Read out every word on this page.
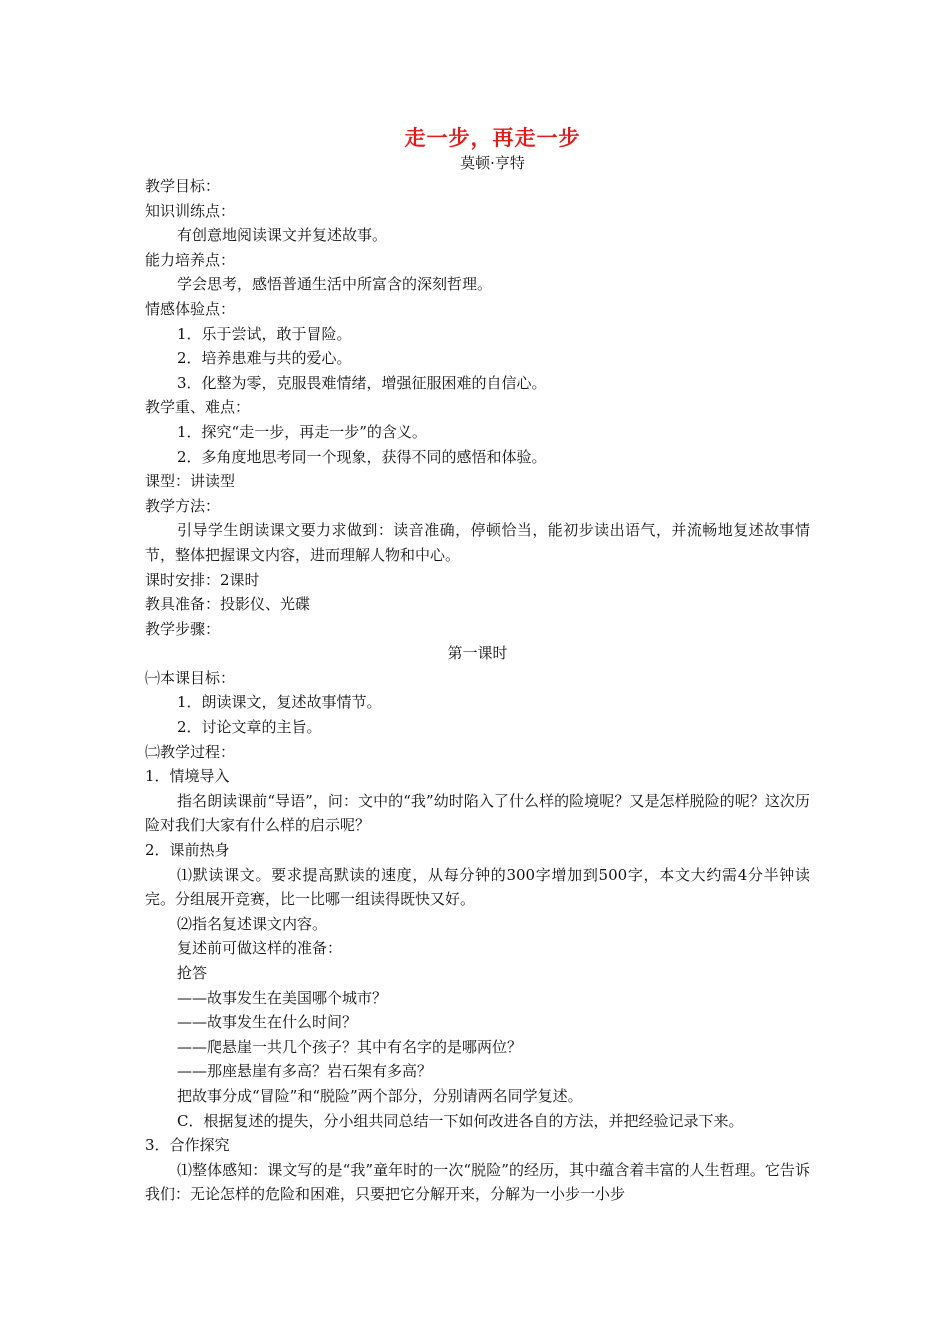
走一步，再走一步
莫顿·亨特
教学目标：
知识训练点：
有创意地阅读课文并复述故事。
能力培养点：
学会思考，感悟普通生活中所富含的深刻哲理。
情感体验点：
1．乐于尝试，敢于冒险。
2．培养患难与共的爱心。
3．化整为零，克服畏难情绪，增强征服困难的自信心。
教学重、难点：
1．探究“走一步，再走一步”的含义。
2．多角度地思考同一个现象，获得不同的感悟和体验。
课型：讲读型
教学方法：
引导学生朗读课文要力求做到：读音准确，停顿恰当，能初步读出语气，并流畅地复述故事情节，整体把握课文内容，进而理解人物和中心。
课时安排：2课时
教具准备：投影仪、光碟
教学步骤：
第一课时
㈠本课目标：
1．朗读课文，复述故事情节。
2．讨论文章的主旨。
㈡教学过程：
1．情境导入
指名朗读课前“导语”，问：文中的“我”幼时陷入了什么样的险境呢？又是怎样脱险的呢？这次历险对我们大家有什么样的启示呢？
2．课前热身
⑴默读课文。要求提高默读的速度，从每分钟的300字增加到500字，本文大约需4分半钟读完。分组展开竞赛，比一比哪一组读得既快又好。
⑵指名复述课文内容。
复述前可做这样的准备：
抢答
——故事发生在美国哪个城市？
——故事发生在什么时间？
——爬悬崖一共几个孩子？其中有名字的是哪两位？
——那座悬崖有多高？岩石架有多高？
把故事分成“冒险”和“脱险”两个部分，分别请两名同学复述。
C．根据复述的提失，分小组共同总结一下如何改进各自的方法，并把经验记录下来。
3．合作探究
⑴整体感知：课文写的是“我”童年时的一次“脱险”的经历，其中蕴含着丰富的人生哲理。它告诉我们：无论怎样的危险和困难，只要把它分解开来，分解为一小步一小步
